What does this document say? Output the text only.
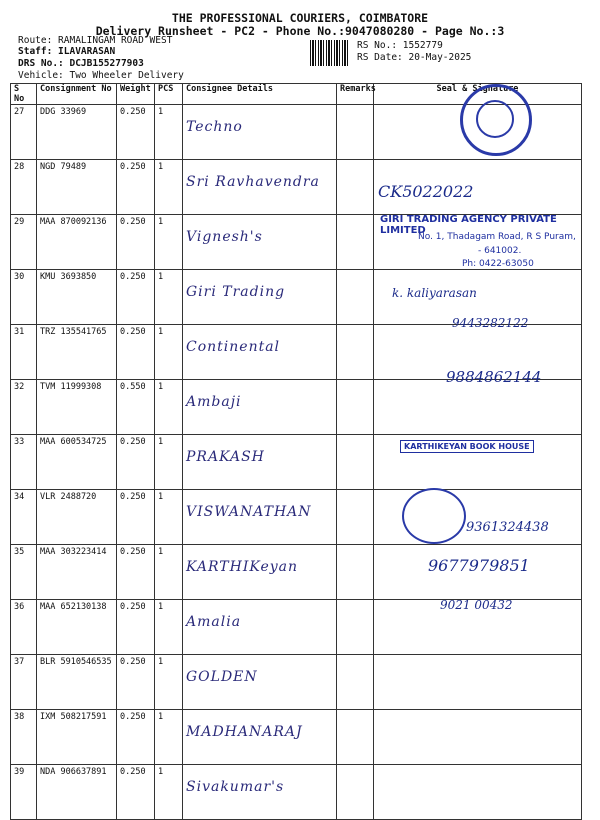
THE PROFESSIONAL COURIERS, COIMBATORE
Delivery Runsheet - PC2 - Phone No.:9047080280 - Page No.:3
Route: RAMALINGAM ROAD WEST
Staff: ILAVARASAN
DRS No.: DCJB155277903
Vehicle: Two Wheeler Delivery
RS No.: 1552779
RS Date: 20-May-2025
S No	Consignment No	Weight	PCS	Consignee Details	Remarks	Seal & Signature
27	DDG 33969	0.250	1	Techno		
28	NGD 79489	0.250	1	Sri Ravhavendra		
29	MAA 870092136	0.250	1	Vignesh's		
30	KMU 3693850	0.250	1	Giri Trading		
31	TRZ 135541765	0.250	1	Continental		
32	TVM 11999308	0.550	1	Ambaji		
33	MAA 600534725	0.250	1	PRAKASH		
34	VLR 2488720	0.250	1	VISWANATHAN		
35	MAA 303223414	0.250	1	KARTHIKeyan		
36	MAA 652130138	0.250	1	Amalia		
37	BLR 5910546535	0.250	1	GOLDEN		
38	IXM 508217591	0.250	1	MADHANARAJ		
39	NDA 906637891	0.250	1	Sivakumar's		
CK5022022
GIRI TRADING AGENCY PRIVATE LIMITED
No. 1, Thadagam Road, R S Puram,
- 641002.
Ph: 0422-63050
k. kaliyarasan
9443282122
9884862144
KARTHIKEYAN BOOK HOUSE
9361324438
9677979851
9021 00432
